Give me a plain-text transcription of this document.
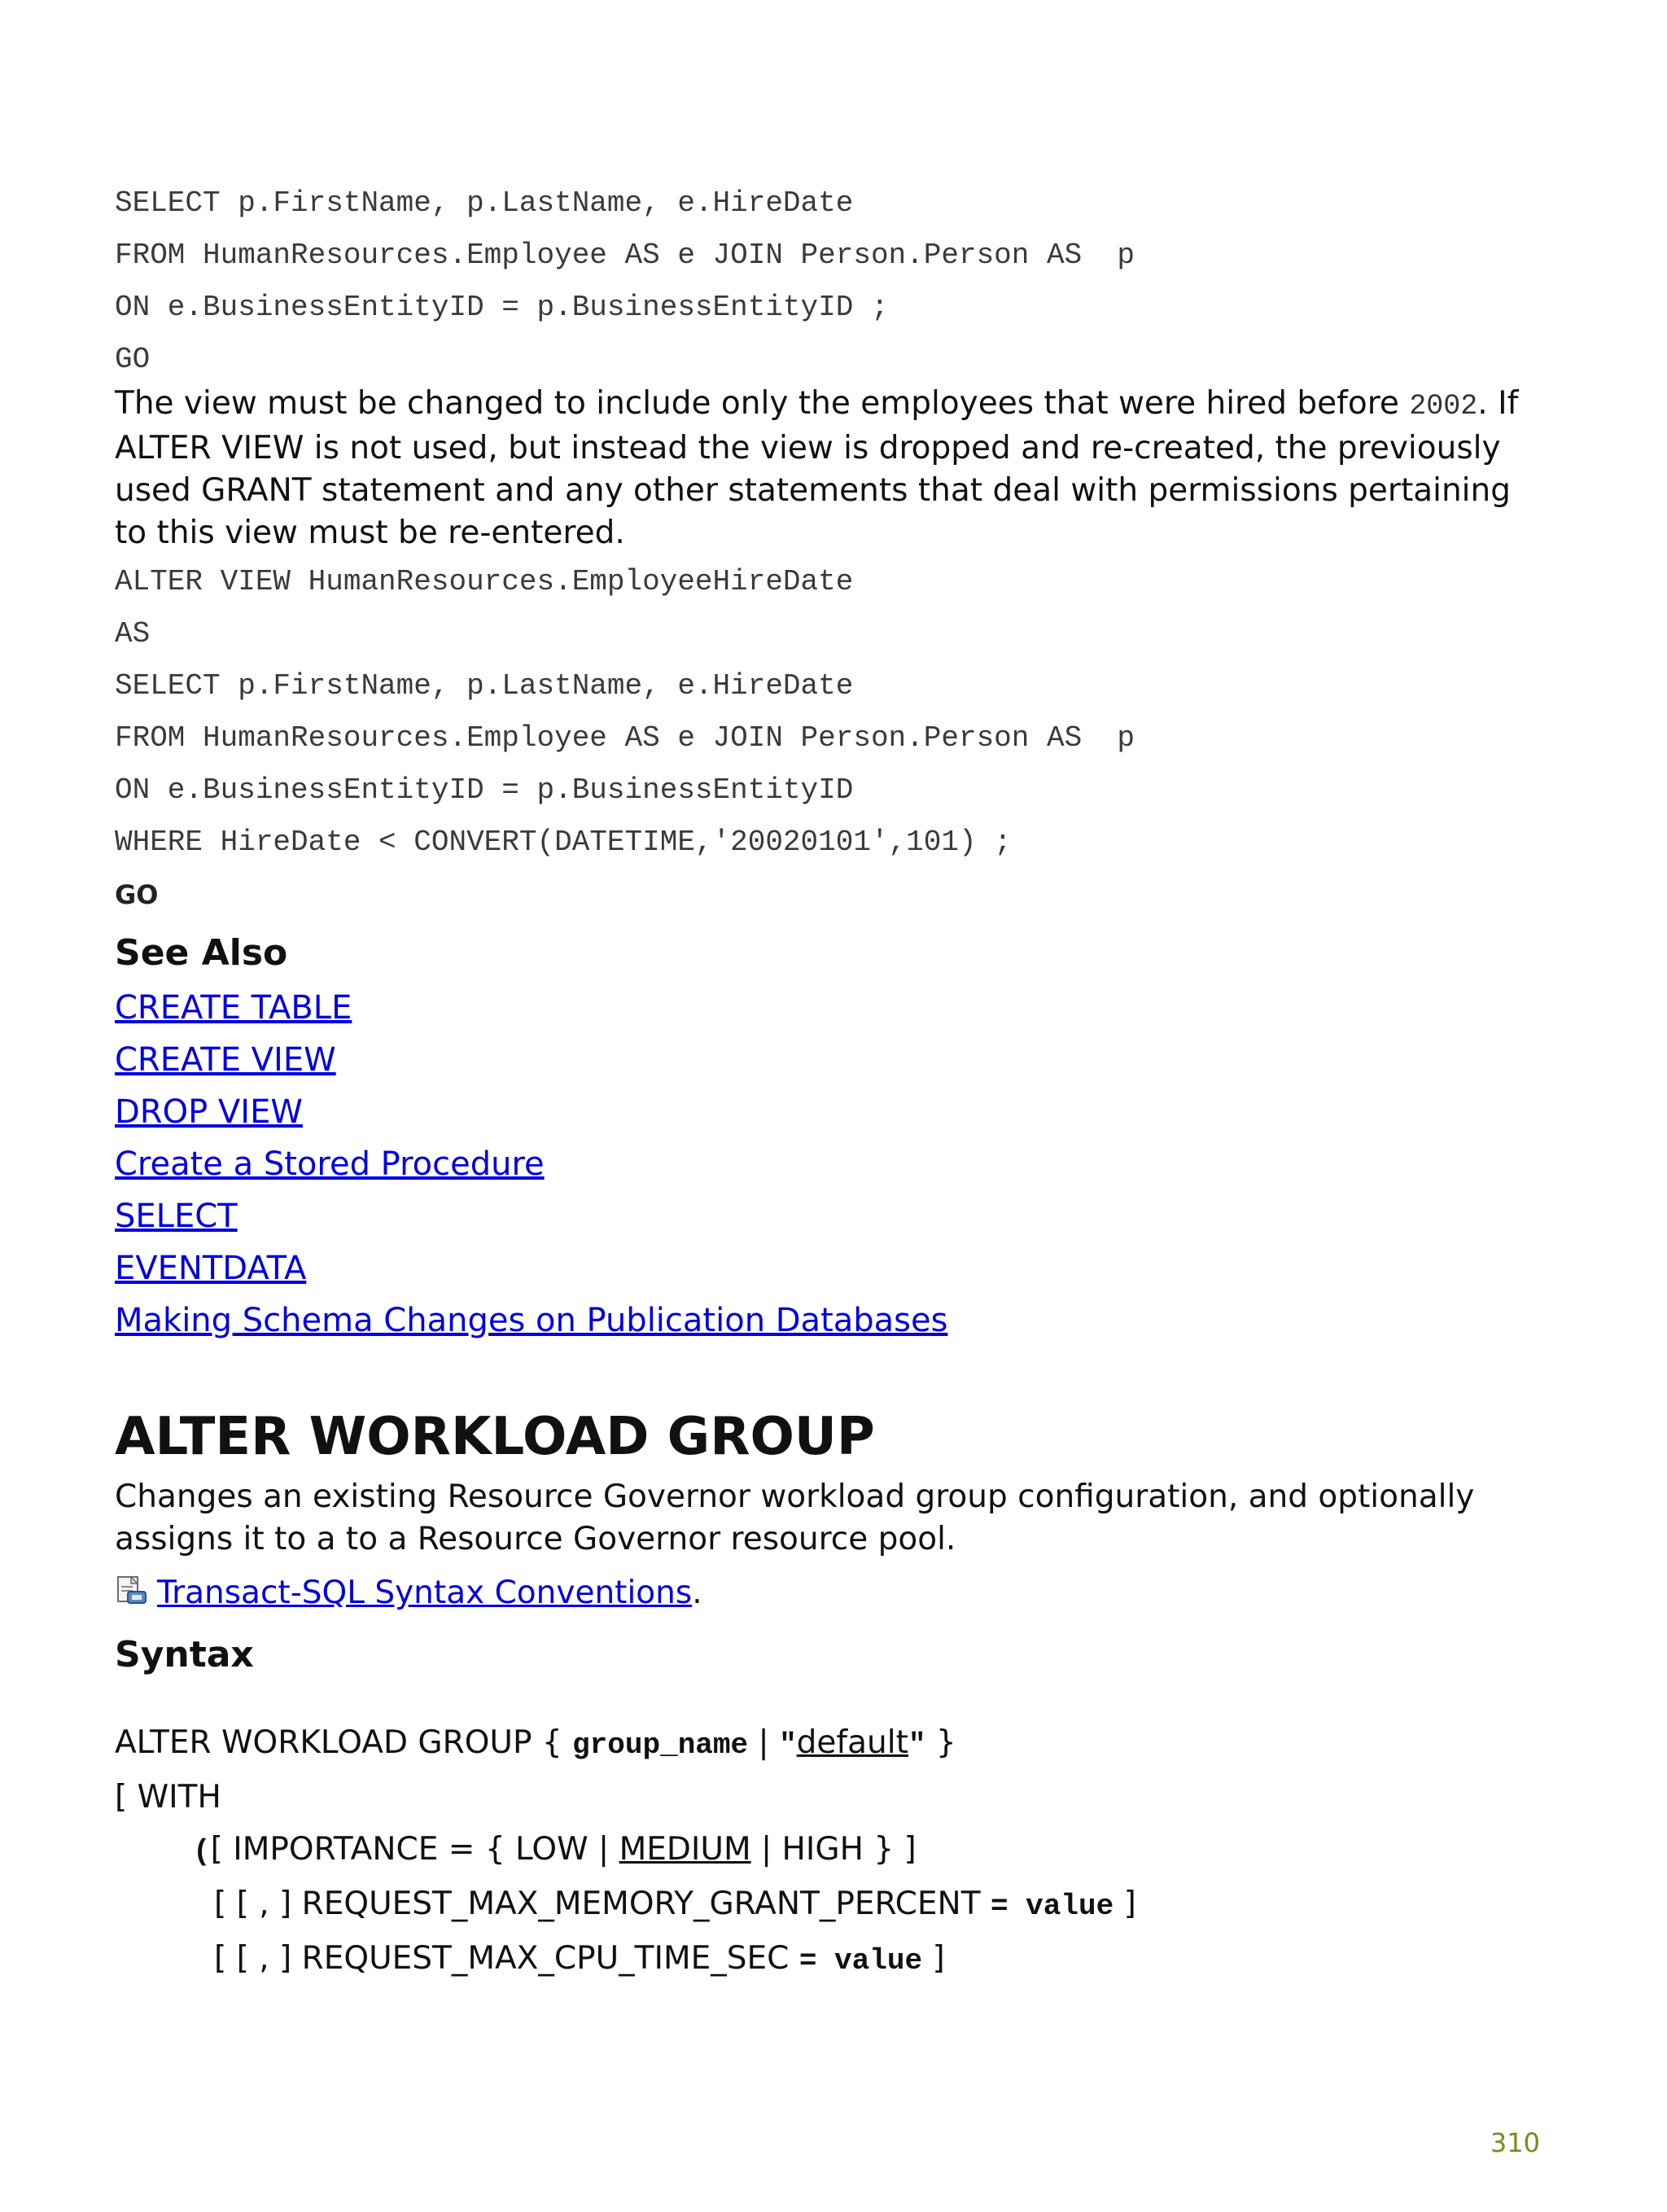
SELECT p.FirstName, p.LastName, e.HireDate
FROM HumanResources.Employee AS e JOIN Person.Person AS  p
ON e.BusinessEntityID = p.BusinessEntityID ;
GO

The view must be changed to include only the employees that were hired before 2002. If ALTER VIEW is not used, but instead the view is dropped and re-created, the previously used GRANT statement and any other statements that deal with permissions pertaining to this view must be re-entered.

ALTER VIEW HumanResources.EmployeeHireDate
AS
SELECT p.FirstName, p.LastName, e.HireDate
FROM HumanResources.Employee AS e JOIN Person.Person AS  p
ON e.BusinessEntityID = p.BusinessEntityID
WHERE HireDate < CONVERT(DATETIME,'20020101',101) ;
GO
See Also
CREATE TABLE
CREATE VIEW
DROP VIEW
Create a Stored Procedure
SELECT
EVENTDATA
Making Schema Changes on Publication Databases
ALTER WORKLOAD GROUP

Changes an existing Resource Governor workload group configuration, and optionally assigns it to a to a Resource Governor resource pool.

Transact-SQL Syntax Conventions.

Syntax
ALTER WORKLOAD GROUP { group_name | "default" }
[ WITH
([ IMPORTANCE = { LOW | MEDIUM | HIGH } ]
[ [ , ] REQUEST_MAX_MEMORY_GRANT_PERCENT = value ]
[ [ , ] REQUEST_MAX_CPU_TIME_SEC = value ]
310
